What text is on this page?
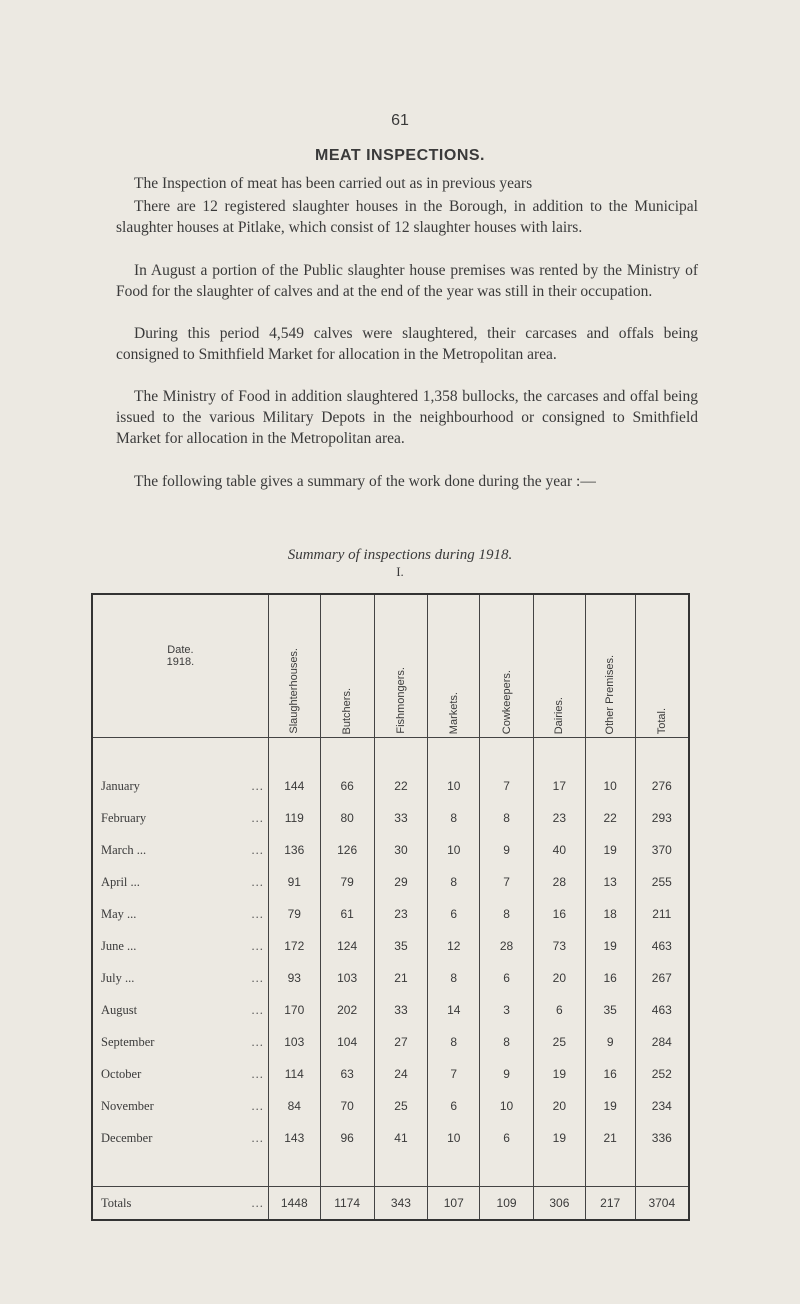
61
MEAT INSPECTIONS.

The Inspection of meat has been carried out as in previous years

There are 12 registered slaughter houses in the Borough, in addition to the Municipal slaughter houses at Pitlake, which consist of 12 slaughter houses with lairs.

In August a portion of the Public slaughter house premises was rented by the Ministry of Food for the slaughter of calves and at the end of the year was still in their occupation.

During this period 4,549 calves were slaughtered, their carcases and offals being consigned to Smithfield Market for allocation in the Metropolitan area.

The Ministry of Food in addition slaughtered 1,358 bullocks, the carcases and offal being issued to the various Military Depots in the neighbourhood or consigned to Smithfield Market for allocation in the Metropolitan area.

The following table gives a summary of the work done during the year :—

Summary of inspections during 1918.
I.
Date.
1918.	Slaughterhouses.	Butchers.	Fishmongers.	Markets.	Cowkeepers.	Dairies.	Other Premises.	Total.

January ...	144	66	22	10	7	17	10	276
February ...	119	80	33	8	8	23	22	293
March ... ...	136	126	30	10	9	40	19	370
April ... ...	91	79	29	8	7	28	13	255
May ... ...	79	61	23	6	8	16	18	211
June ... ...	172	124	35	12	28	73	19	463
July ... ...	93	103	21	8	6	20	16	267
August ...	170	202	33	14	3	6	35	463
September ...	103	104	27	8	8	25	9	284
October ...	114	63	24	7	9	19	16	252
November ...	84	70	25	6	10	20	19	234
December ...	143	96	41	10	6	19	21	336

Totals ...	1448	1174	343	107	109	306	217	3704
